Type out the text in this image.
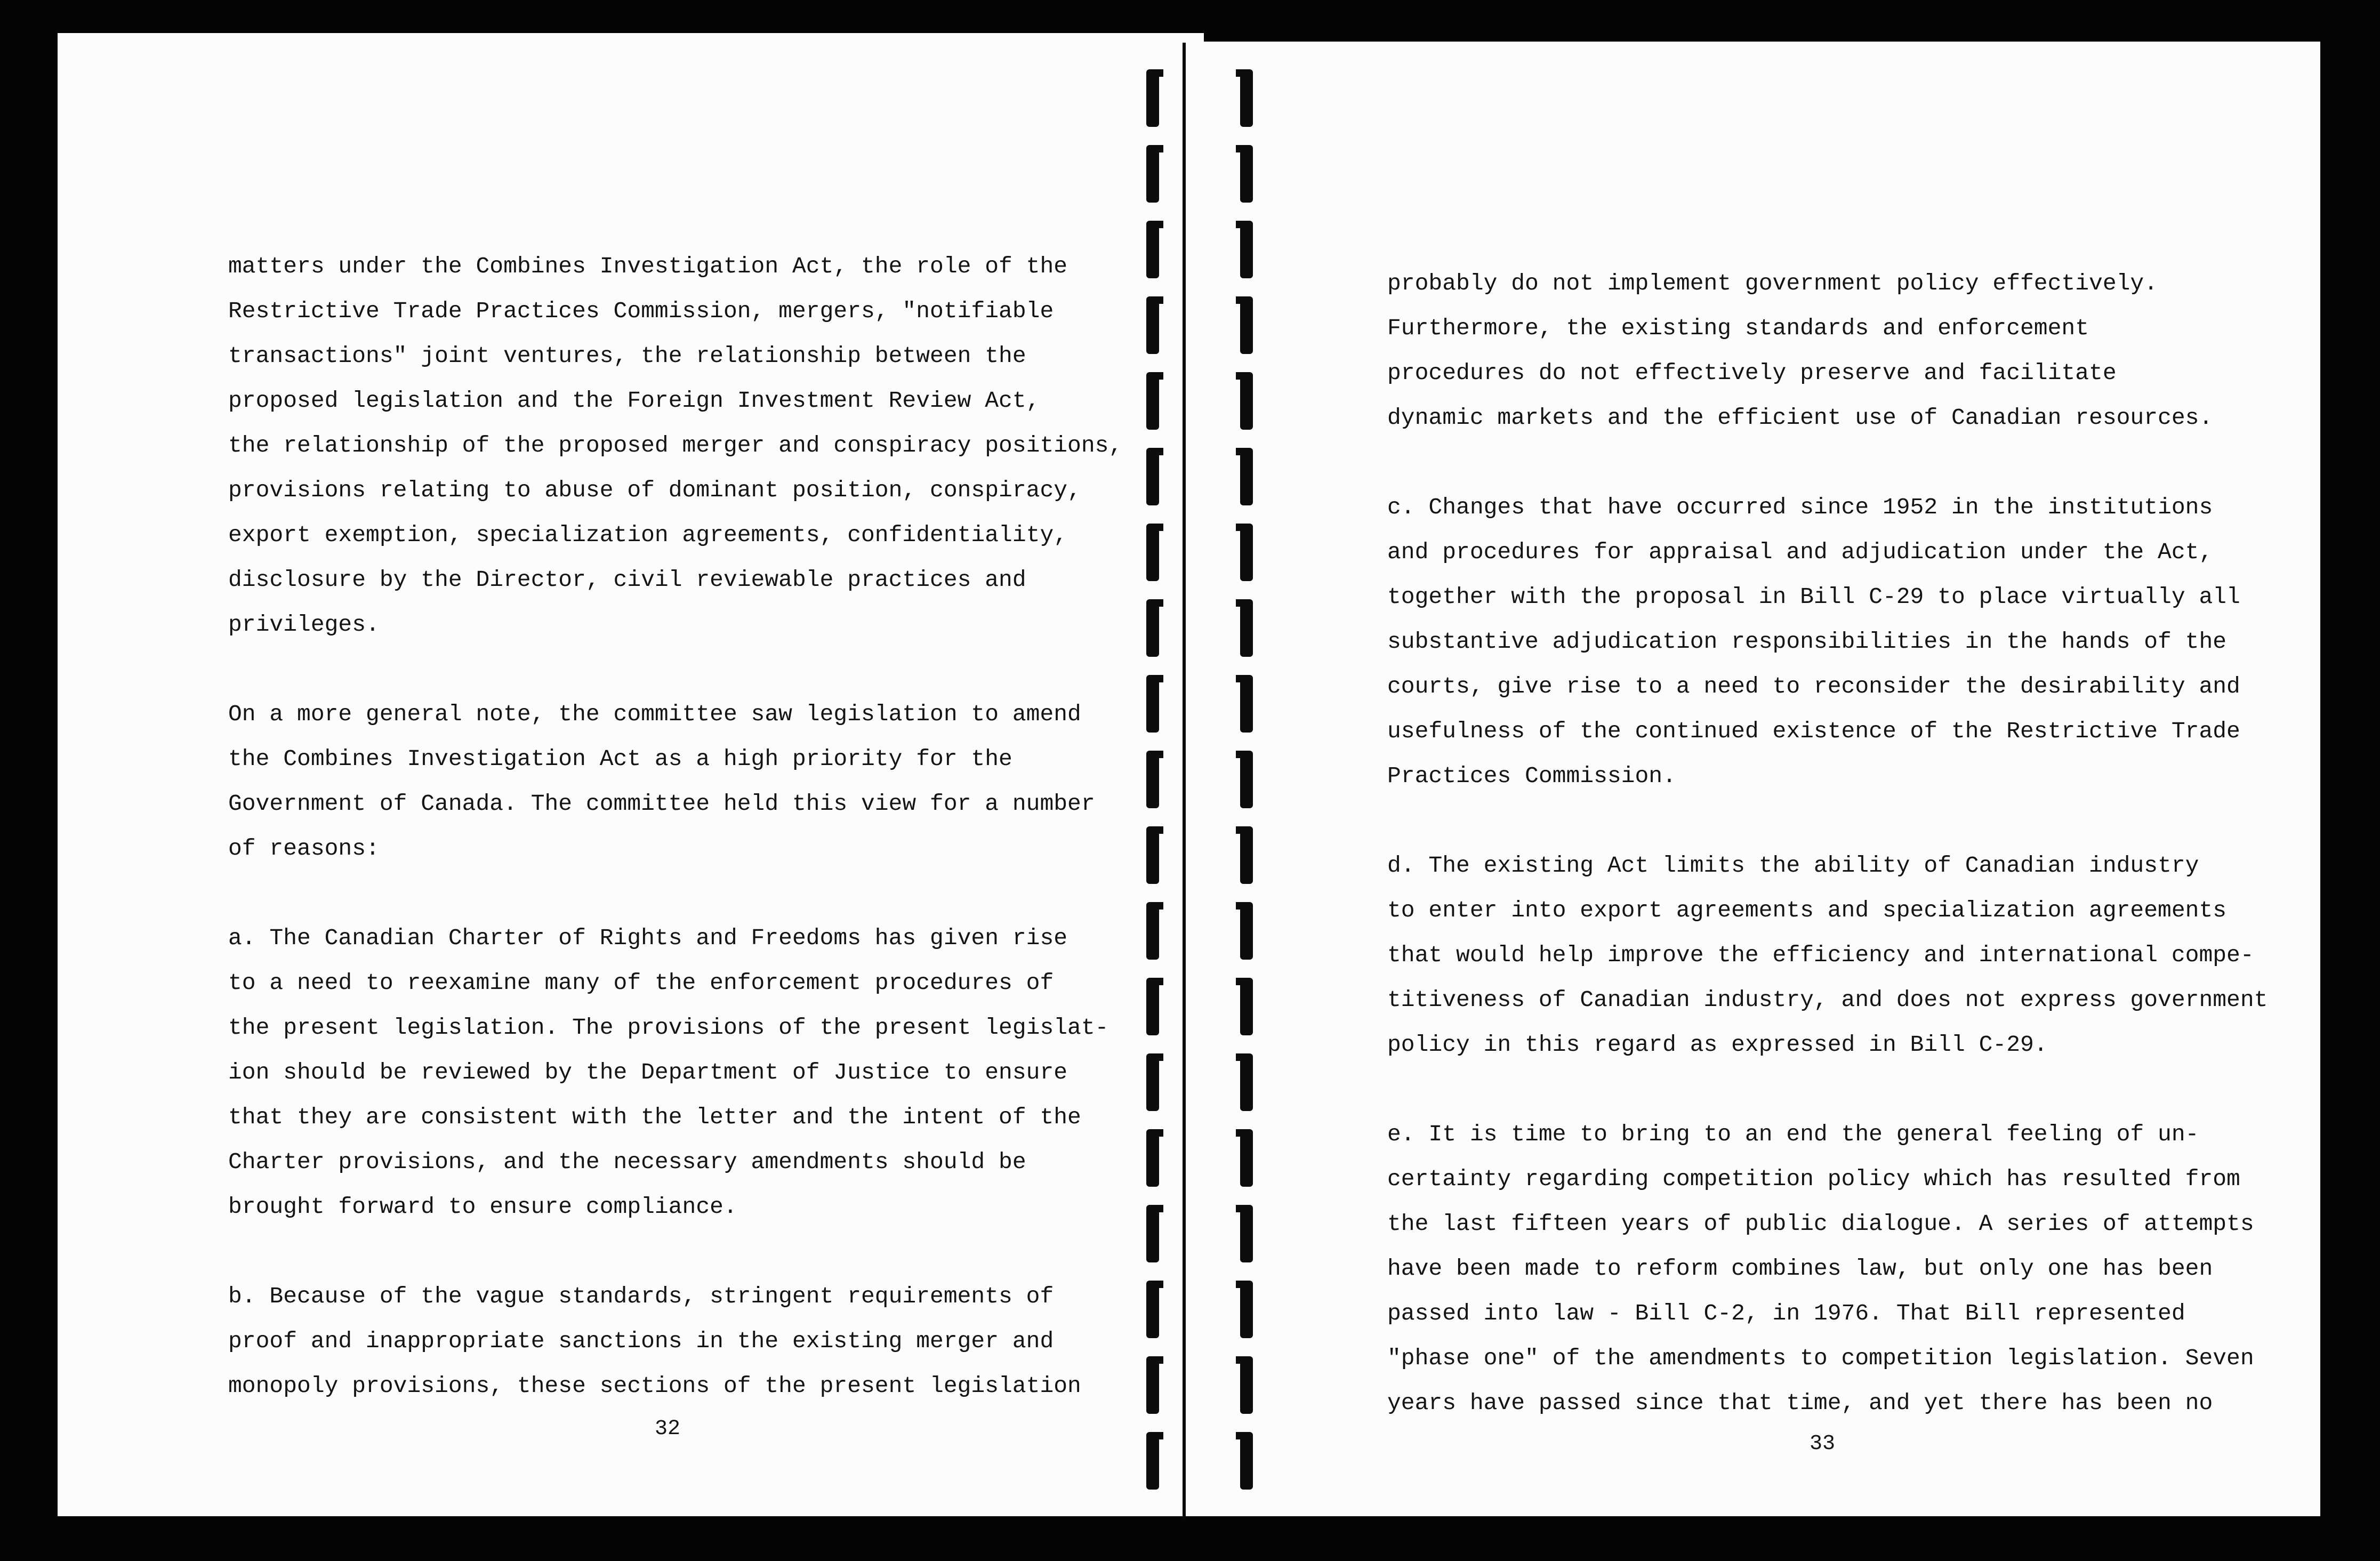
matters under the Combines Investigation Act, the role of the
Restrictive Trade Practices Commission, mergers, "notifiable
transactions" joint ventures, the relationship between the
proposed legislation and the Foreign Investment Review Act,
the relationship of the proposed merger and conspiracy positions,
provisions relating to abuse of dominant position, conspiracy,
export exemption, specialization agreements, confidentiality,
disclosure by the Director, civil reviewable practices and
privileges.
On a more general note, the committee saw legislation to amend
the Combines Investigation Act as a high priority for the
Government of Canada. The committee held this view for a number
of reasons:
a. The Canadian Charter of Rights and Freedoms has given rise
to a need to reexamine many of the enforcement procedures of
the present legislation. The provisions of the present legislat-
ion should be reviewed by the Department of Justice to ensure
that they are consistent with the letter and the intent of the
Charter provisions, and the necessary amendments should be
brought forward to ensure compliance.
b. Because of the vague standards, stringent requirements of
proof and inappropriate sanctions in the existing merger and
monopoly provisions, these sections of the present legislation
32
probably do not implement government policy effectively.
Furthermore, the existing standards and enforcement
procedures do not effectively preserve and facilitate
dynamic markets and the efficient use of Canadian resources.
c. Changes that have occurred since 1952 in the institutions
and procedures for appraisal and adjudication under the Act,
together with the proposal in Bill C-29 to place virtually all
substantive adjudication responsibilities in the hands of the
courts, give rise to a need to reconsider the desirability and
usefulness of the continued existence of the Restrictive Trade
Practices Commission.
d. The existing Act limits the ability of Canadian industry
to enter into export agreements and specialization agreements
that would help improve the efficiency and international compe-
titiveness of Canadian industry, and does not express government
policy in this regard as expressed in Bill C-29.
e. It is time to bring to an end the general feeling of un-
certainty regarding competition policy which has resulted from
the last fifteen years of public dialogue. A series of attempts
have been made to reform combines law, but only one has been
passed into law - Bill C-2, in 1976. That Bill represented
"phase one" of the amendments to competition legislation. Seven
years have passed since that time, and yet there has been no
33
